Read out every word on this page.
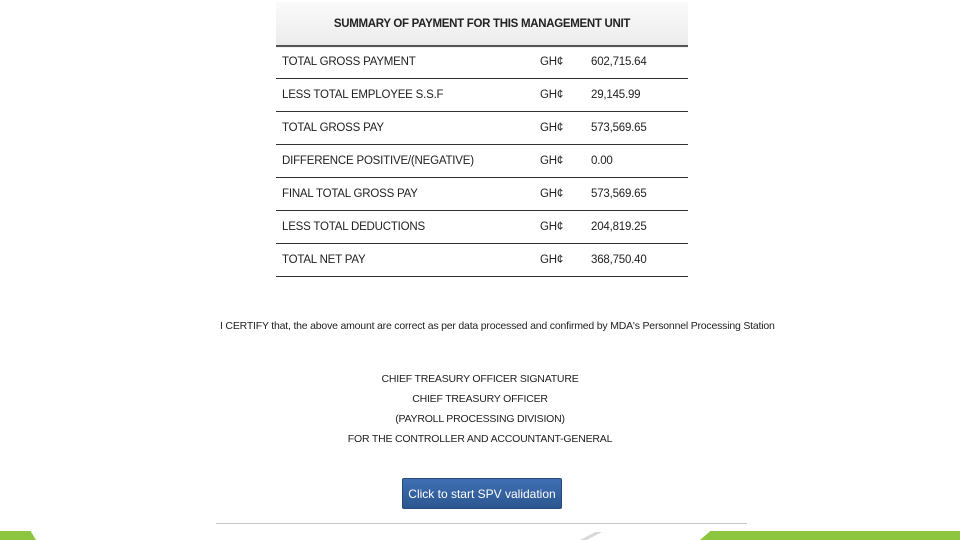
SUMMARY OF PAYMENT FOR THIS MANAGEMENT UNIT
TOTAL GROSS PAYMENT	GH¢ 602,715.64
LESS TOTAL EMPLOYEE S.S.F	GH¢ 29,145.99
TOTAL GROSS PAY	GH¢ 573,569.65
DIFFERENCE POSITIVE/(NEGATIVE)	GH¢ 0.00
FINAL TOTAL GROSS PAY	GH¢ 573,569.65
LESS TOTAL DEDUCTIONS	GH¢ 204,819.25
TOTAL NET PAY	GH¢ 368,750.40
I CERTIFY that, the above amount are correct as per data processed and confirmed by MDA's Personnel Processing Station
CHIEF TREASURY OFFICER SIGNATURE
CHIEF TREASURY OFFICER
(PAYROLL PROCESSING DIVISION)
FOR THE CONTROLLER AND ACCOUNTANT-GENERAL
Click to start SPV validation
